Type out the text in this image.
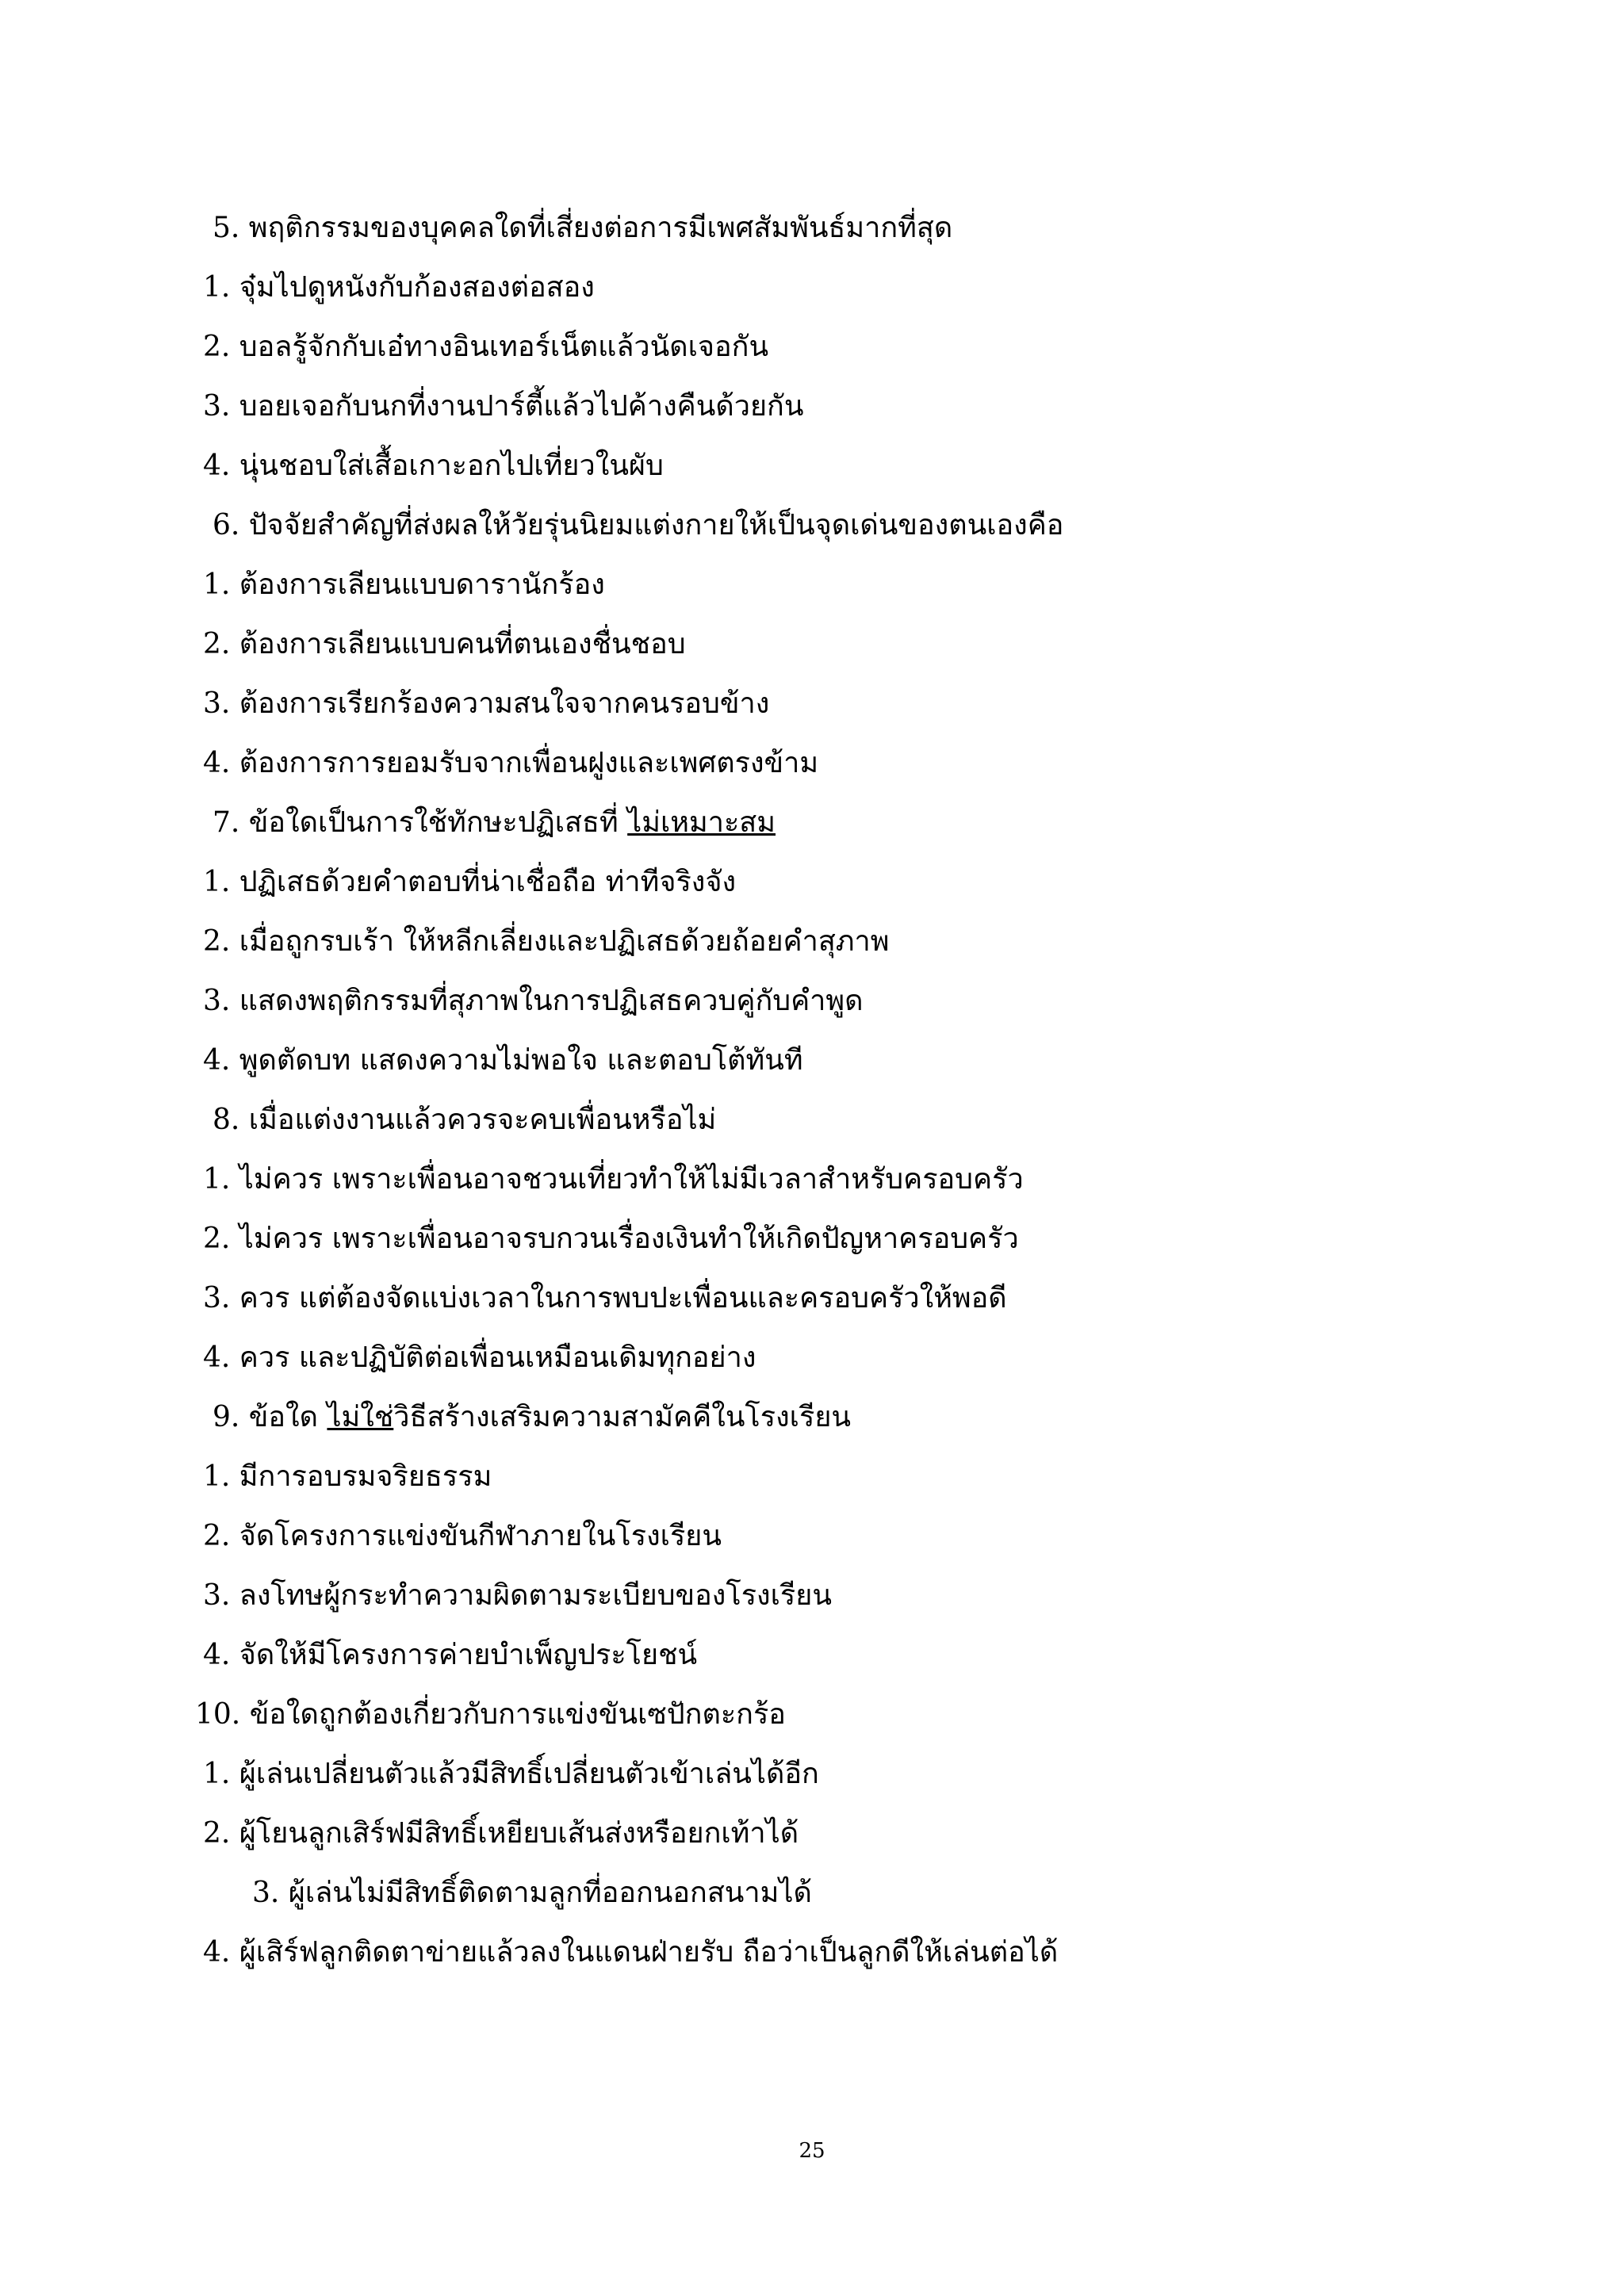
5. พฤติกรรมของบุคคลใดที่เสี่ยงต่อการมีเพศสัมพันธ์มากที่สุด
1. จุ๋มไปดูหนังกับก้องสองต่อสอง
2. บอลรู้จักกับเอ๋ทางอินเทอร์เน็ตแล้วนัดเจอกัน
3. บอยเจอกับนกที่งานปาร์ตี้แล้วไปค้างคืนด้วยกัน
4. นุ่นชอบใส่เสื้อเกาะอกไปเที่ยวในผับ
6. ปัจจัยสำคัญที่ส่งผลให้วัยรุ่นนิยมแต่งกายให้เป็นจุดเด่นของตนเองคือ
1. ต้องการเลียนแบบดารานักร้อง
2. ต้องการเลียนแบบคนที่ตนเองชื่นชอบ
3. ต้องการเรียกร้องความสนใจจากคนรอบข้าง
4. ต้องการการยอมรับจากเพื่อนฝูงและเพศตรงข้าม
7. ข้อใดเป็นการใช้ทักษะปฏิเสธที่ ไม่เหมาะสม
1. ปฏิเสธด้วยคำตอบที่น่าเชื่อถือ ท่าทีจริงจัง
2. เมื่อถูกรบเร้า ให้หลีกเลี่ยงและปฏิเสธด้วยถ้อยคำสุภาพ
3. แสดงพฤติกรรมที่สุภาพในการปฏิเสธควบคู่กับคำพูด
4. พูดตัดบท แสดงความไม่พอใจ และตอบโต้ทันที
8. เมื่อแต่งงานแล้วควรจะคบเพื่อนหรือไม่
1. ไม่ควร เพราะเพื่อนอาจชวนเที่ยวทำให้ไม่มีเวลาสำหรับครอบครัว
2. ไม่ควร เพราะเพื่อนอาจรบกวนเรื่องเงินทำให้เกิดปัญหาครอบครัว
3. ควร แต่ต้องจัดแบ่งเวลาในการพบปะเพื่อนและครอบครัวให้พอดี
4. ควร และปฏิบัติต่อเพื่อนเหมือนเดิมทุกอย่าง
9. ข้อใด ไม่ใช่วิธีสร้างเสริมความสามัคคีในโรงเรียน
1. มีการอบรมจริยธรรม
2. จัดโครงการแข่งขันกีฬาภายในโรงเรียน
3. ลงโทษผู้กระทำความผิดตามระเบียบของโรงเรียน
4. จัดให้มีโครงการค่ายบำเพ็ญประโยชน์
10. ข้อใดถูกต้องเกี่ยวกับการแข่งขันเซปักตะกร้อ
1. ผู้เล่นเปลี่ยนตัวแล้วมีสิทธิ์เปลี่ยนตัวเข้าเล่นได้อีก
2. ผู้โยนลูกเสิร์ฟมีสิทธิ์เหยียบเส้นส่งหรือยกเท้าได้
3. ผู้เล่นไม่มีสิทธิ์ติดตามลูกที่ออกนอกสนามได้
4. ผู้เสิร์ฟลูกติดตาข่ายแล้วลงในแดนฝ่ายรับ ถือว่าเป็นลูกดีให้เล่นต่อได้
25
